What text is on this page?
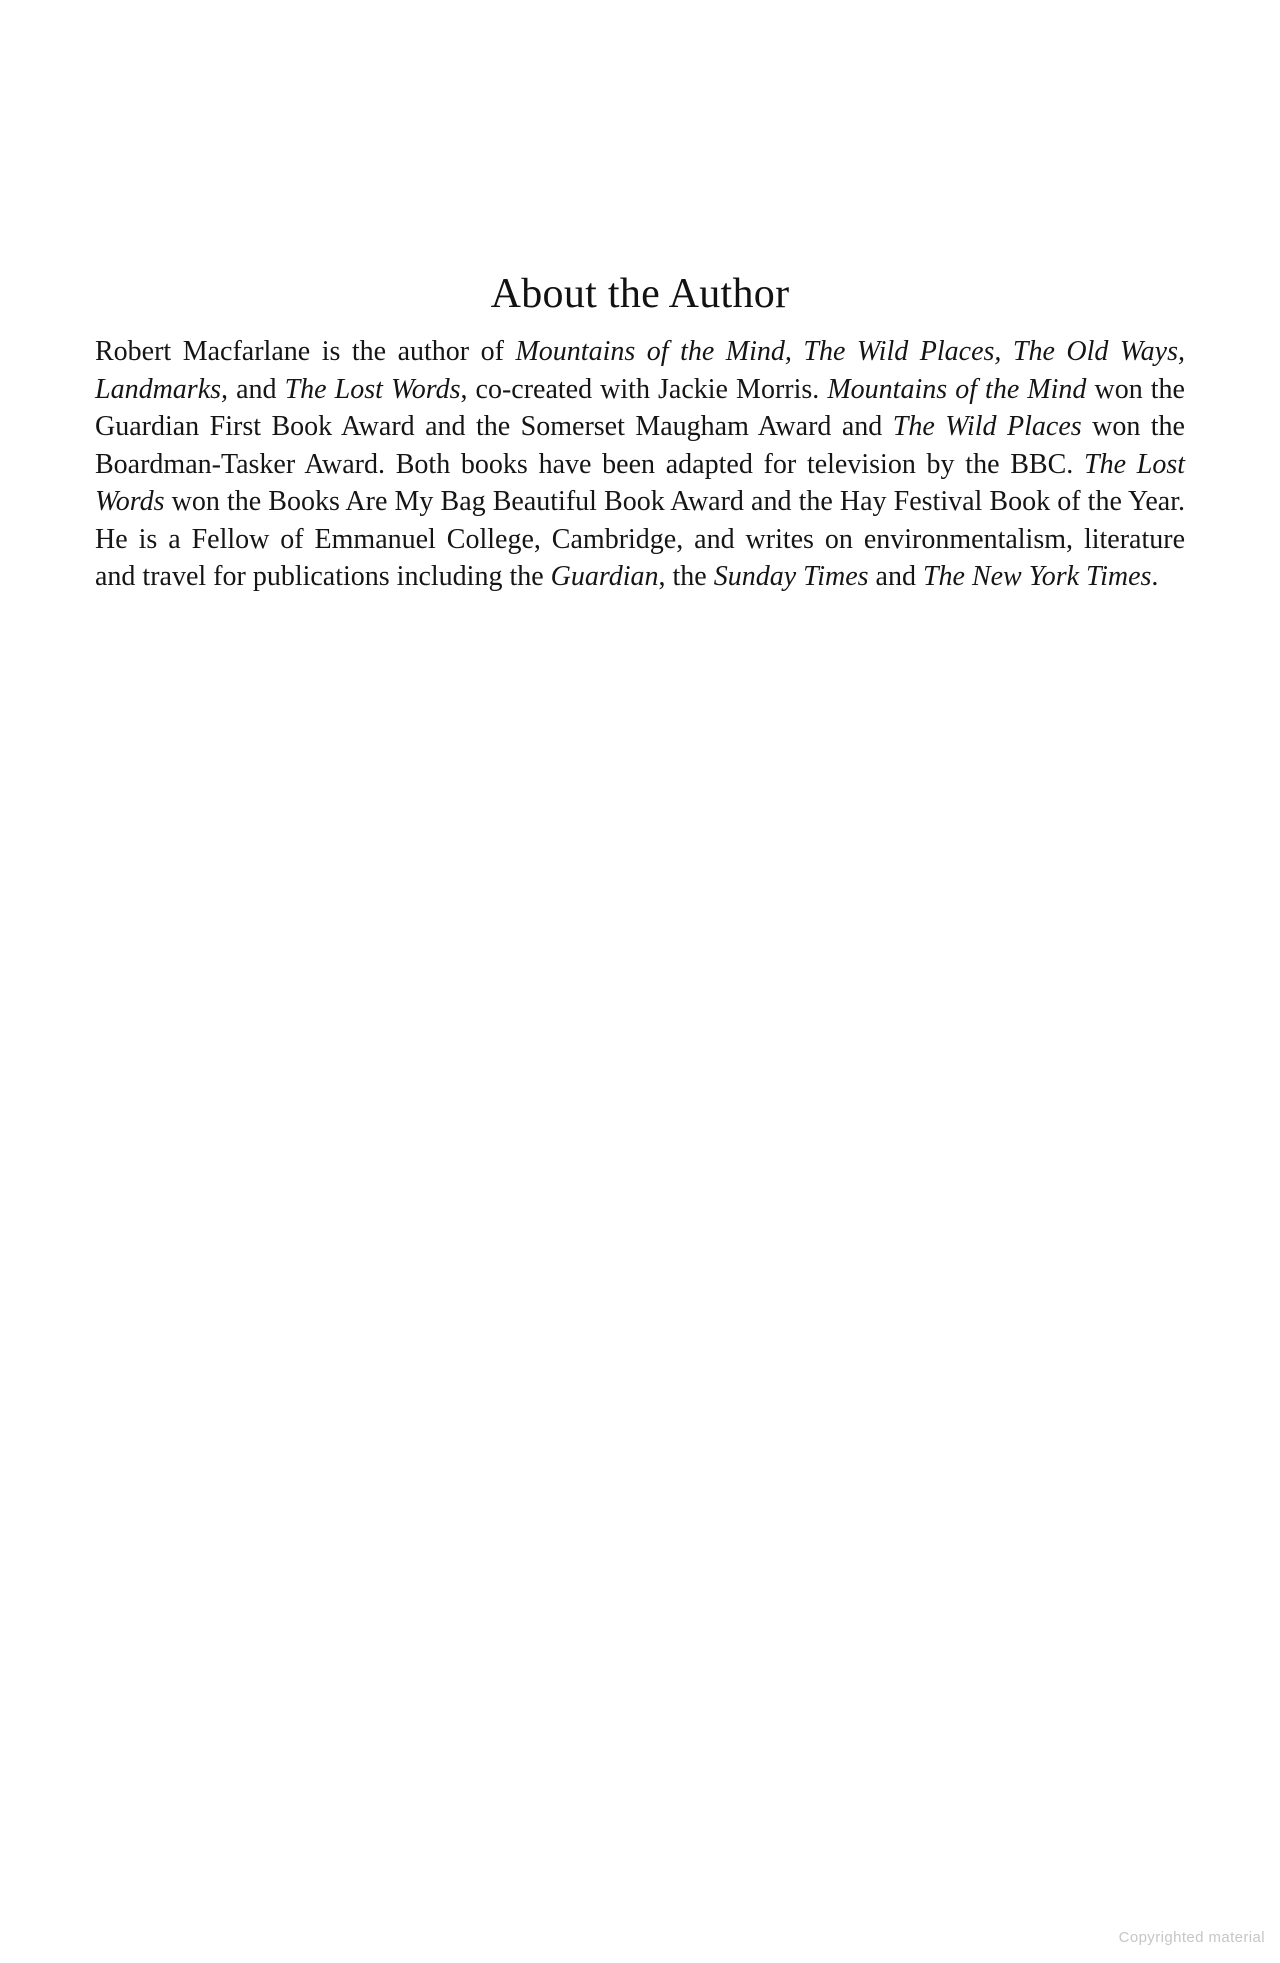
About the Author

Robert Macfarlane is the author of Mountains of the Mind, The Wild Places, The Old Ways, Landmarks, and The Lost Words, co-created with Jackie Morris. Mountains of the Mind won the Guardian First Book Award and the Somerset Maugham Award and The Wild Places won the Boardman-Tasker Award. Both books have been adapted for television by the BBC. The Lost Words won the Books Are My Bag Beautiful Book Award and the Hay Festival Book of the Year. He is a Fellow of Emmanuel College, Cambridge, and writes on environmentalism, literature and travel for publications including the Guardian, the Sunday Times and The New York Times.

Copyrighted material
